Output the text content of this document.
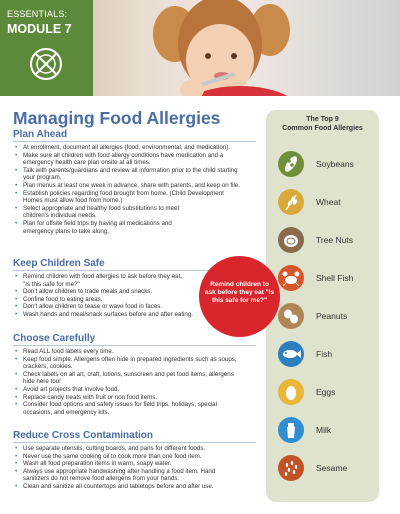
ESSENTIALS:
MODULE 7
Managing Food Allergies
Plan Ahead
• At enrollment, document all allergies (food, environmental, and medication).
• Make sure all children with food allergy conditions have medication and a
emergency health care plan onsite at all times.
• Talk with parents/guardians and review all information prior to the child starting
your program.
• Plan menus at least one week in advance, share with parents, and keep on file.
• Establish policies regarding food brought from home. (Child Development
Homes must allow food from home.)
• Select appropriate and healthy food substitutions to meet
children's individual needs.
• Plan for offsite field trips by having all medications and
emergency plans to take along.
Keep Children Safe
• Remind children with food allergies to ask before they eat,
"Is this safe for me?"
• Don't allow children to trade meals and snacks.
• Confine food to eating areas.
• Don't allow children to tease or wave food in faces.
• Wash hands and meal/snack surfaces before and after eating.
Choose Carefully
• Read ALL food labels every time.
• Keep food simple. Allergens often hide in prepared ingredients such as soups,
crackers, cookies.
• Check labels on all art, craft, lotions, sunscreen and pet food items; allergens
hide here too!
• Avoid art projects that involve food.
• Replace candy treats with fruit or non food items.
• Consider food options and safety issues for field trips, holidays, special
occasions, and emergency kits.
Reduce Cross Contamination
• Use separate utensils, cutting boards, and pans for different foods.
• Never use the same cooking oil to cook more than one food item.
• Wash all food preparation items in warm, soapy water.
• Always use appropriate handwashing after handling a food item. Hand
sanitizers do not remove food allergens from your hands.
• Clean and sanitize all countertops and tabletops before and after use.
The Top 9
Common Food Allergies
Soybeans
Wheat
Tree Nuts
Shell Fish
Peanuts
Fish
Eggs
Milk
Sesame
Remind children to ask before they eat "Is this safe for me?"
